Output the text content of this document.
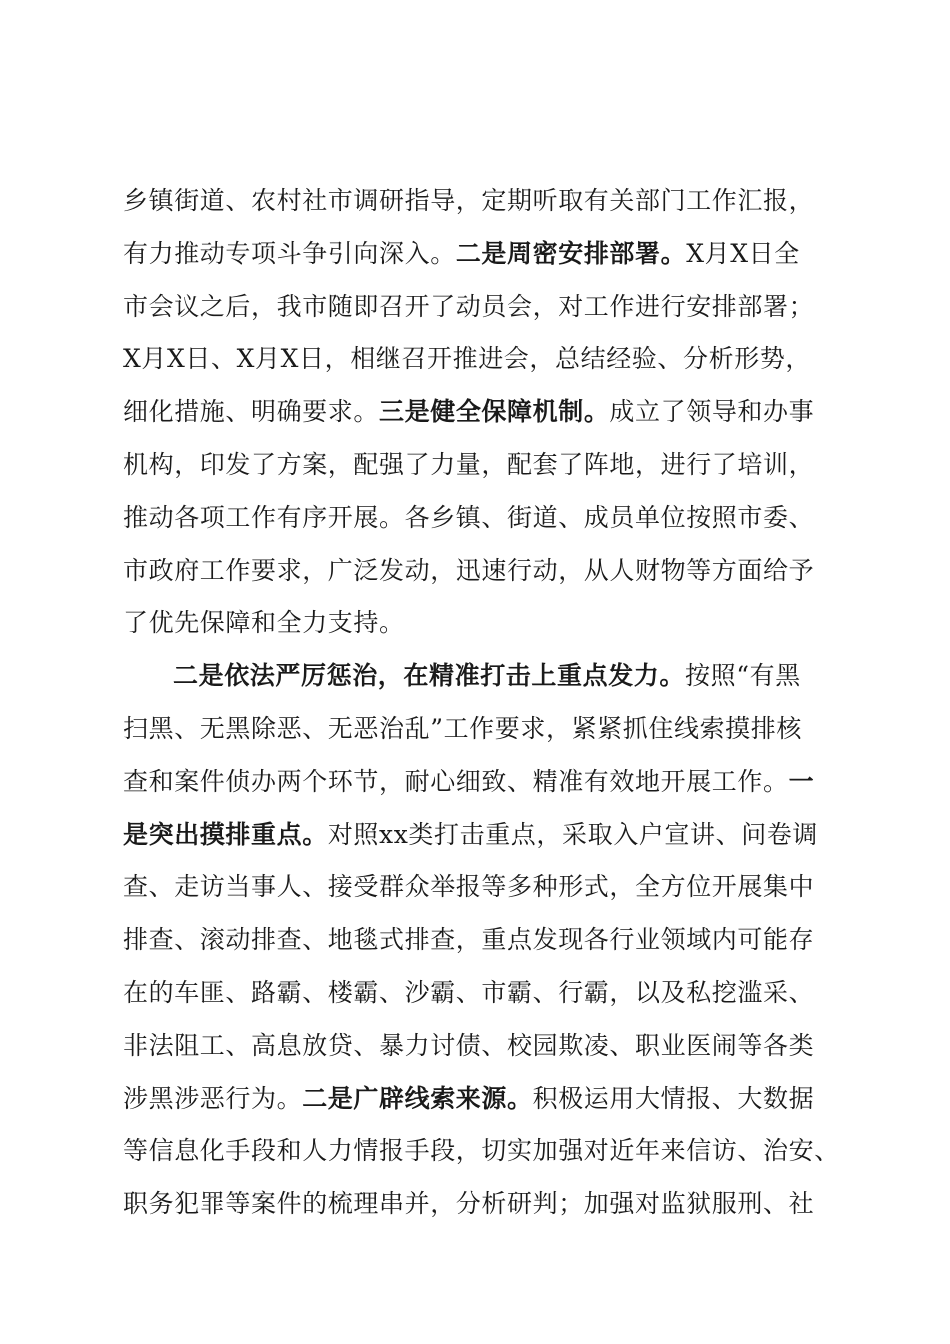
乡镇街道、农村社市调研指导，定期听取有关部门工作汇报，
有力推动专项斗争引向深入。二是周密安排部署。X月X日全
市会议之后，我市随即召开了动员会，对工作进行安排部署；
X月X日、X月X日，相继召开推进会，总结经验、分析形势，
细化措施、明确要求。三是健全保障机制。成立了领导和办事
机构，印发了方案，配强了力量，配套了阵地，进行了培训，
推动各项工作有序开展。各乡镇、街道、成员单位按照市委、
市政府工作要求，广泛发动，迅速行动，从人财物等方面给予
了优先保障和全力支持。
二是依法严厉惩治，在精准打击上重点发力。按照“有黑
扫黑、无黑除恶、无恶治乱”工作要求，紧紧抓住线索摸排核
查和案件侦办两个环节，耐心细致、精准有效地开展工作。一
是突出摸排重点。对照xx类打击重点，采取入户宣讲、问卷调
查、走访当事人、接受群众举报等多种形式，全方位开展集中
排查、滚动排查、地毯式排查，重点发现各行业领域内可能存
在的车匪、路霸、楼霸、沙霸、市霸、行霸，以及私挖滥采、
非法阻工、高息放贷、暴力讨债、校园欺凌、职业医闹等各类
涉黑涉恶行为。二是广辟线索来源。积极运用大情报、大数据
等信息化手段和人力情报手段，切实加强对近年来信访、治安、
职务犯罪等案件的梳理串并，分析研判；加强对监狱服刑、社
